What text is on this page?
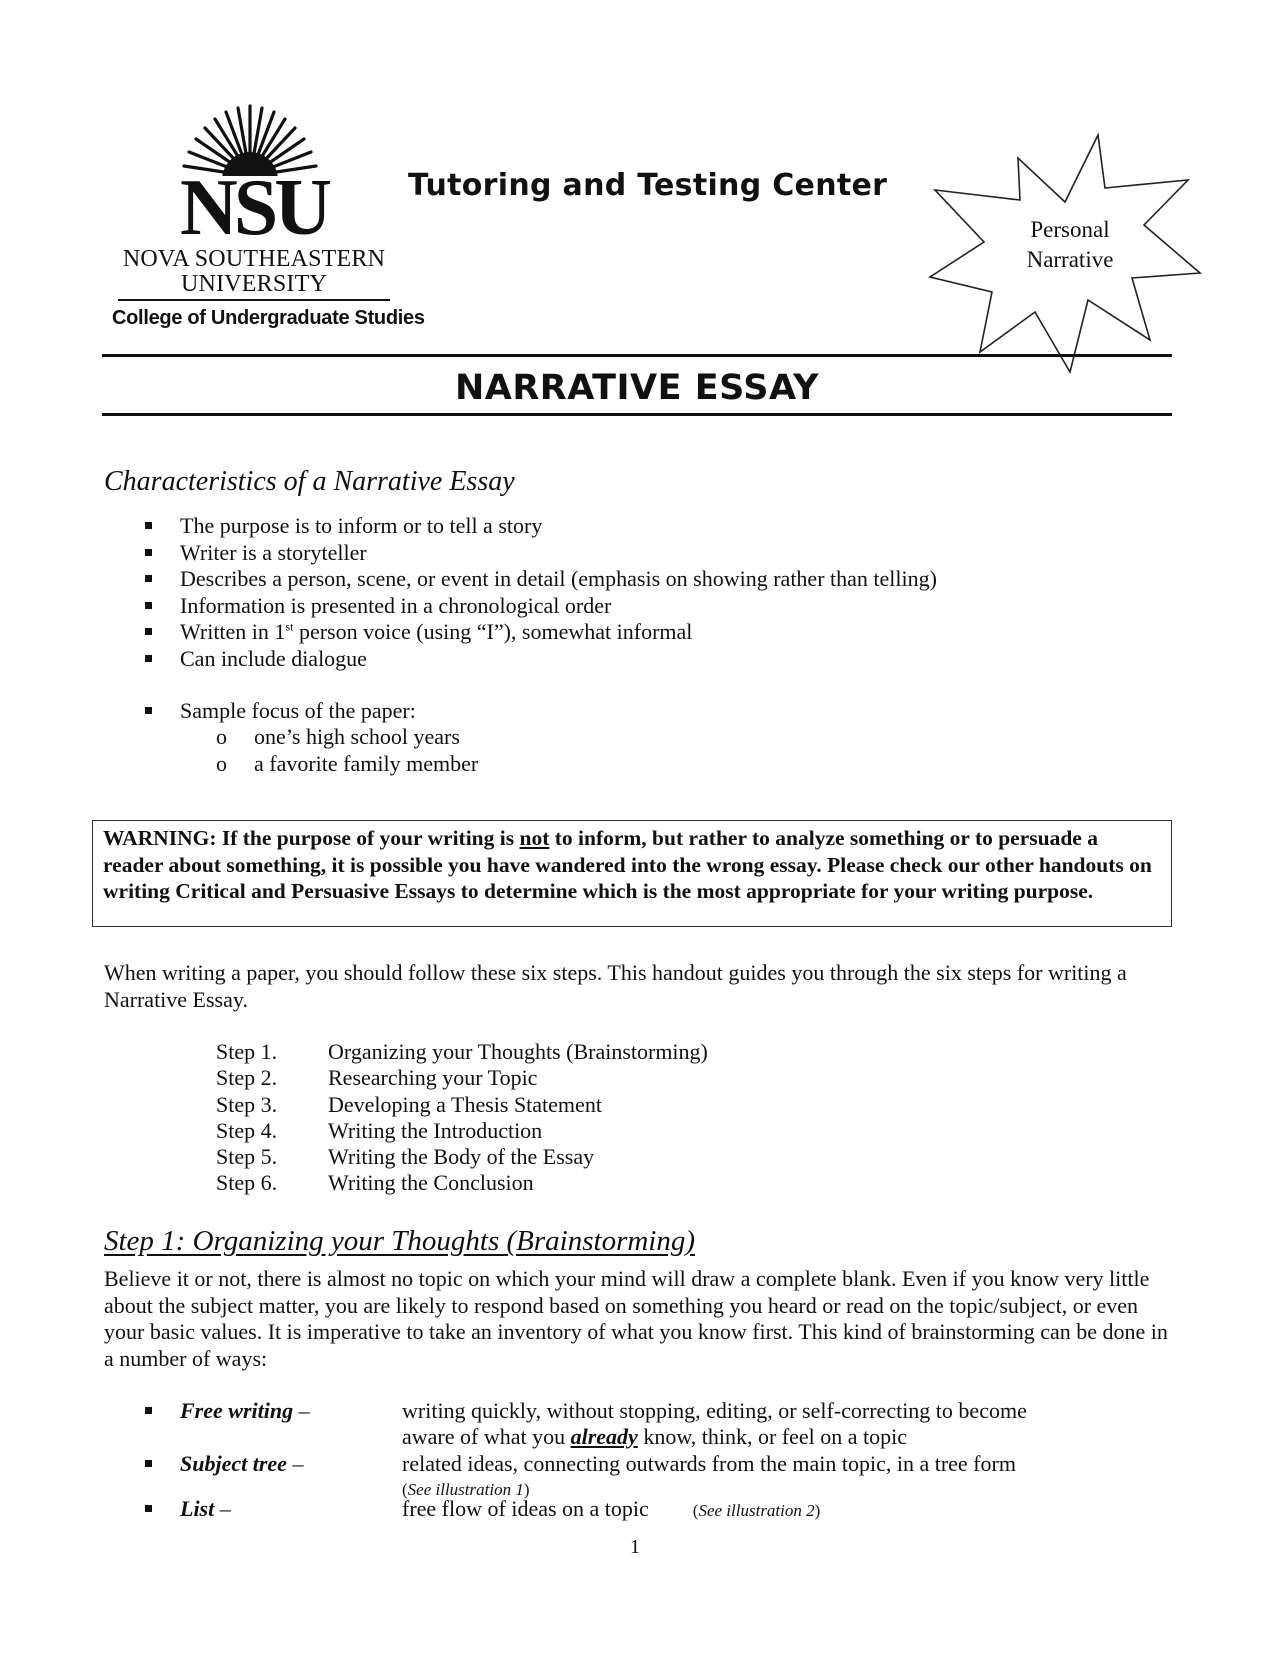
NSU
NOVA SOUTHEASTERN
UNIVERSITY
College of Undergraduate Studies
Tutoring and Testing Center
Personal
Narrative
NARRATIVE ESSAY
Characteristics of a Narrative Essay
The purpose is to inform or to tell a story
Writer is a storyteller
Describes a person, scene, or event in detail (emphasis on showing rather than telling)
Information is presented in a chronological order
Written in 1st person voice (using “I”), somewhat informal
Can include dialogue
Sample focus of the paper:
o one’s high school years
o a favorite family member
WARNING: If the purpose of your writing is not to inform, but rather to analyze something or to persuade a reader about something, it is possible you have wandered into the wrong essay. Please check our other handouts on writing Critical and Persuasive Essays to determine which is the most appropriate for your writing purpose.
When writing a paper, you should follow these six steps. This handout guides you through the six steps for writing a Narrative Essay.
Step 1. Organizing your Thoughts (Brainstorming)
Step 2. Researching your Topic
Step 3. Developing a Thesis Statement
Step 4. Writing the Introduction
Step 5. Writing the Body of the Essay
Step 6. Writing the Conclusion
Step 1: Organizing your Thoughts (Brainstorming)
Believe it or not, there is almost no topic on which your mind will draw a complete blank. Even if you know very little about the subject matter, you are likely to respond based on something you heard or read on the topic/subject, or even your basic values. It is imperative to take an inventory of what you know first. This kind of brainstorming can be done in a number of ways:
Free writing –	writing quickly, without stopping, editing, or self-correcting to become aware of what you already know, think, or feel on a topic
Subject tree –	related ideas, connecting outwards from the main topic, in a tree form
(See illustration 1)
List –	free flow of ideas on a topic	(See illustration 2)
1
